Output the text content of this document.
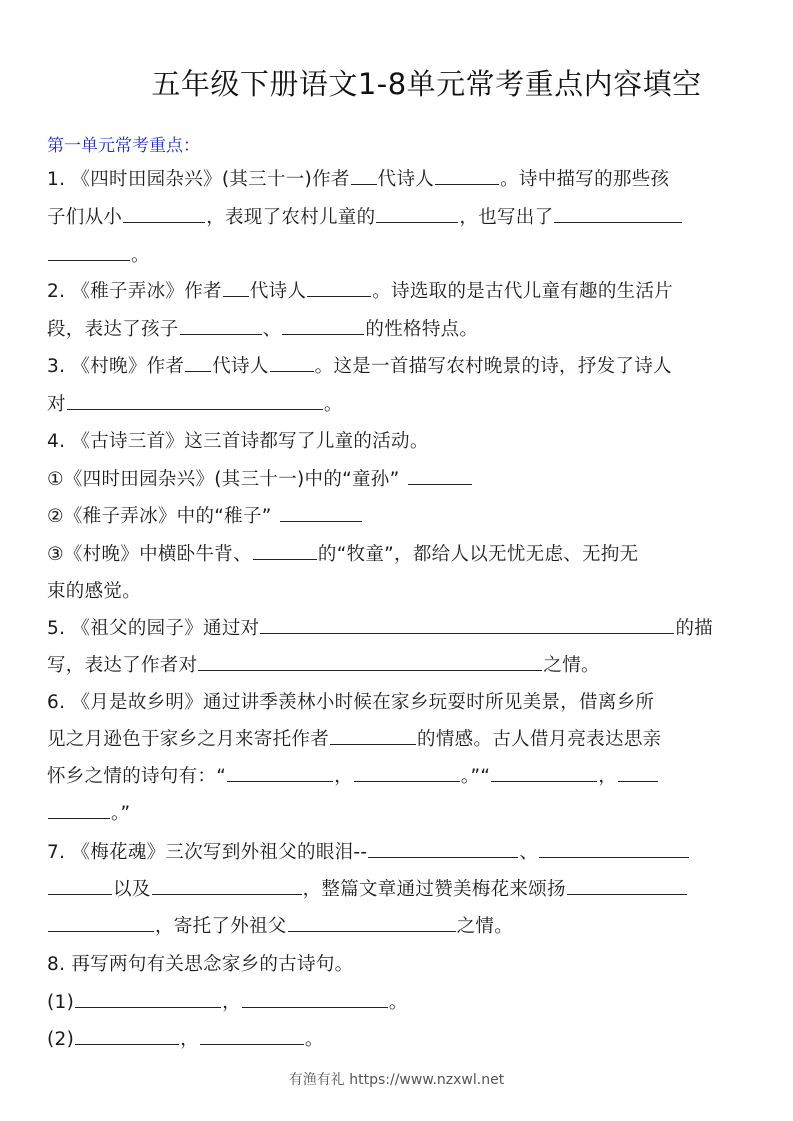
五年级下册语文1-8单元常考重点内容填空
第一单元常考重点：
1. 《四时田园杂兴》(其三十一)作者 代诗人	。诗中描写的那些孩
子们从小	，表现了农村儿童的	，也写出了
。
2. 《稚子弄冰》作者 代诗人	。诗选取的是古代儿童有趣的生活片
段，表达了孩子	、	的性格特点。
3. 《村晚》作者 代诗人 。这是一首描写农村晚景的诗，抒发了诗人
对	。
4. 《古诗三首》这三首诗都写了儿童的活动。
①《四时田园杂兴》(其三十一)中的“童孙”
②《稚子弄冰》中的“稚子”
③《村晚》中横卧牛背、	的“牧童”，都给人以无忧无虑、无拘无
束的感觉。
5. 《祖父的园子》通过对	的描
写，表达了作者对	之情。
6. 《月是故乡明》通过讲季羡林小时候在家乡玩耍时所见美景，借离乡所
见之月逊色于家乡之月来寄托作者	的情感。古人借月亮表达思亲
怀乡之情的诗句有：“	，	。”“	，
。”
7. 《梅花魂》三次写到外祖父的眼泪--	、
以及	，整篇文章通过赞美梅花来颂扬
，寄托了外祖父	之情。
8. 再写两句有关思念家乡的古诗句。
(1)	，	。
(2)	，	。
有渔有礼 https://www.nzxwl.net
